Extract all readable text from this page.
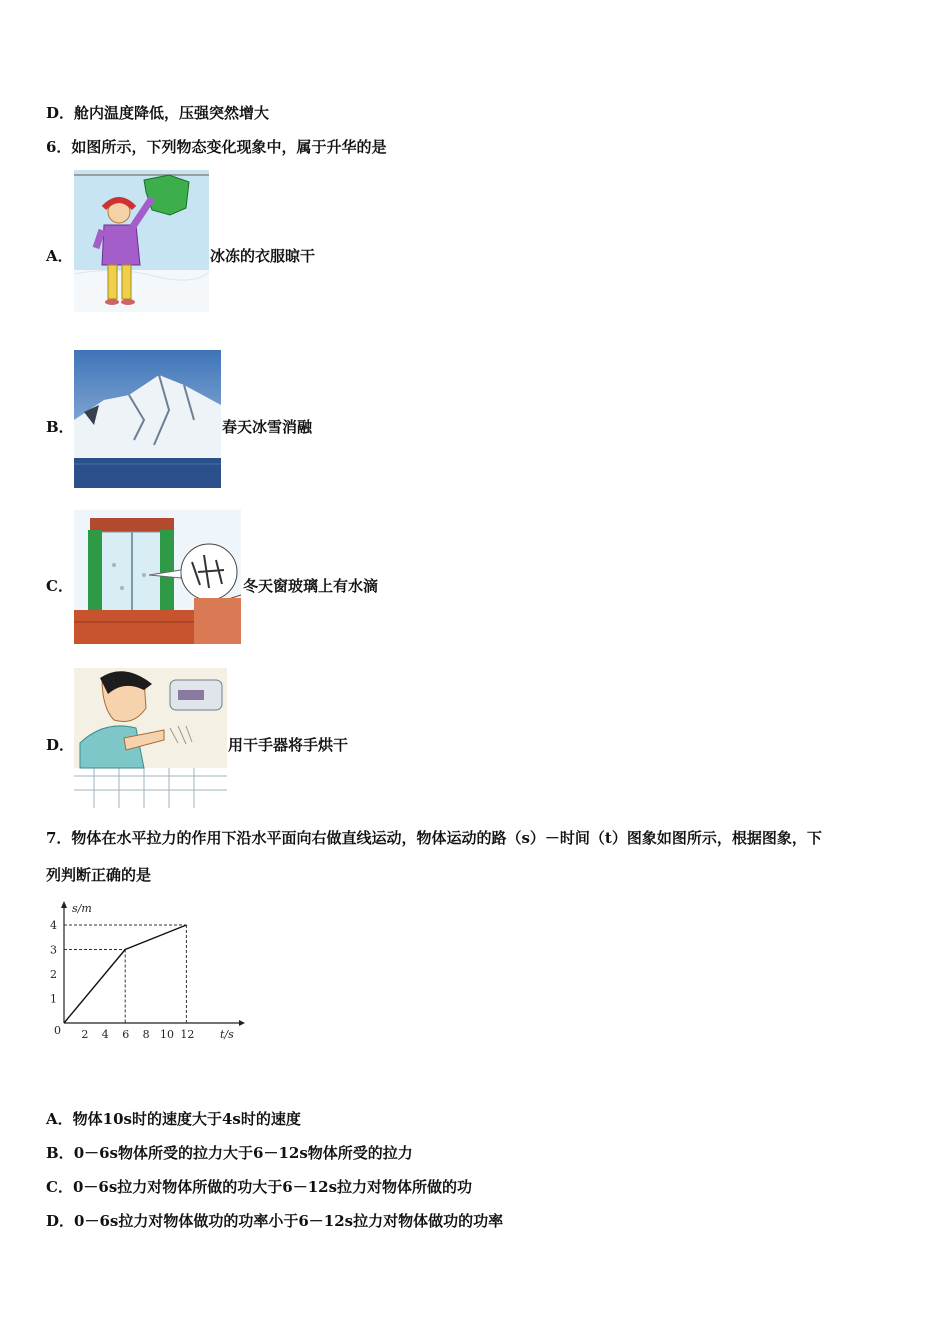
D．舱内温度降低，压强突然增大
6．如图所示，下列物态变化现象中，属于升华的是
A．	冰冻的衣服晾干
B．	春天冰雪消融
C．	冬天窗玻璃上有水滴
D．	用干手器将手烘干
7．物体在水平拉力的作用下沿水平面向右做直线运动，物体运动的路（s）－时间（t）图象如图所示，根据图象，下
列判断正确的是
s/m
t/s
0 2 4 6 8 10 12
1
2
3
4
A．物体10s时的速度大于4s时的速度
B．0－6s物体所受的拉力大于6－12s物体所受的拉力
C．0－6s拉力对物体所做的功大于6－12s拉力对物体所做的功
D．0－6s拉力对物体做功的功率小于6－12s拉力对物体做功的功率
